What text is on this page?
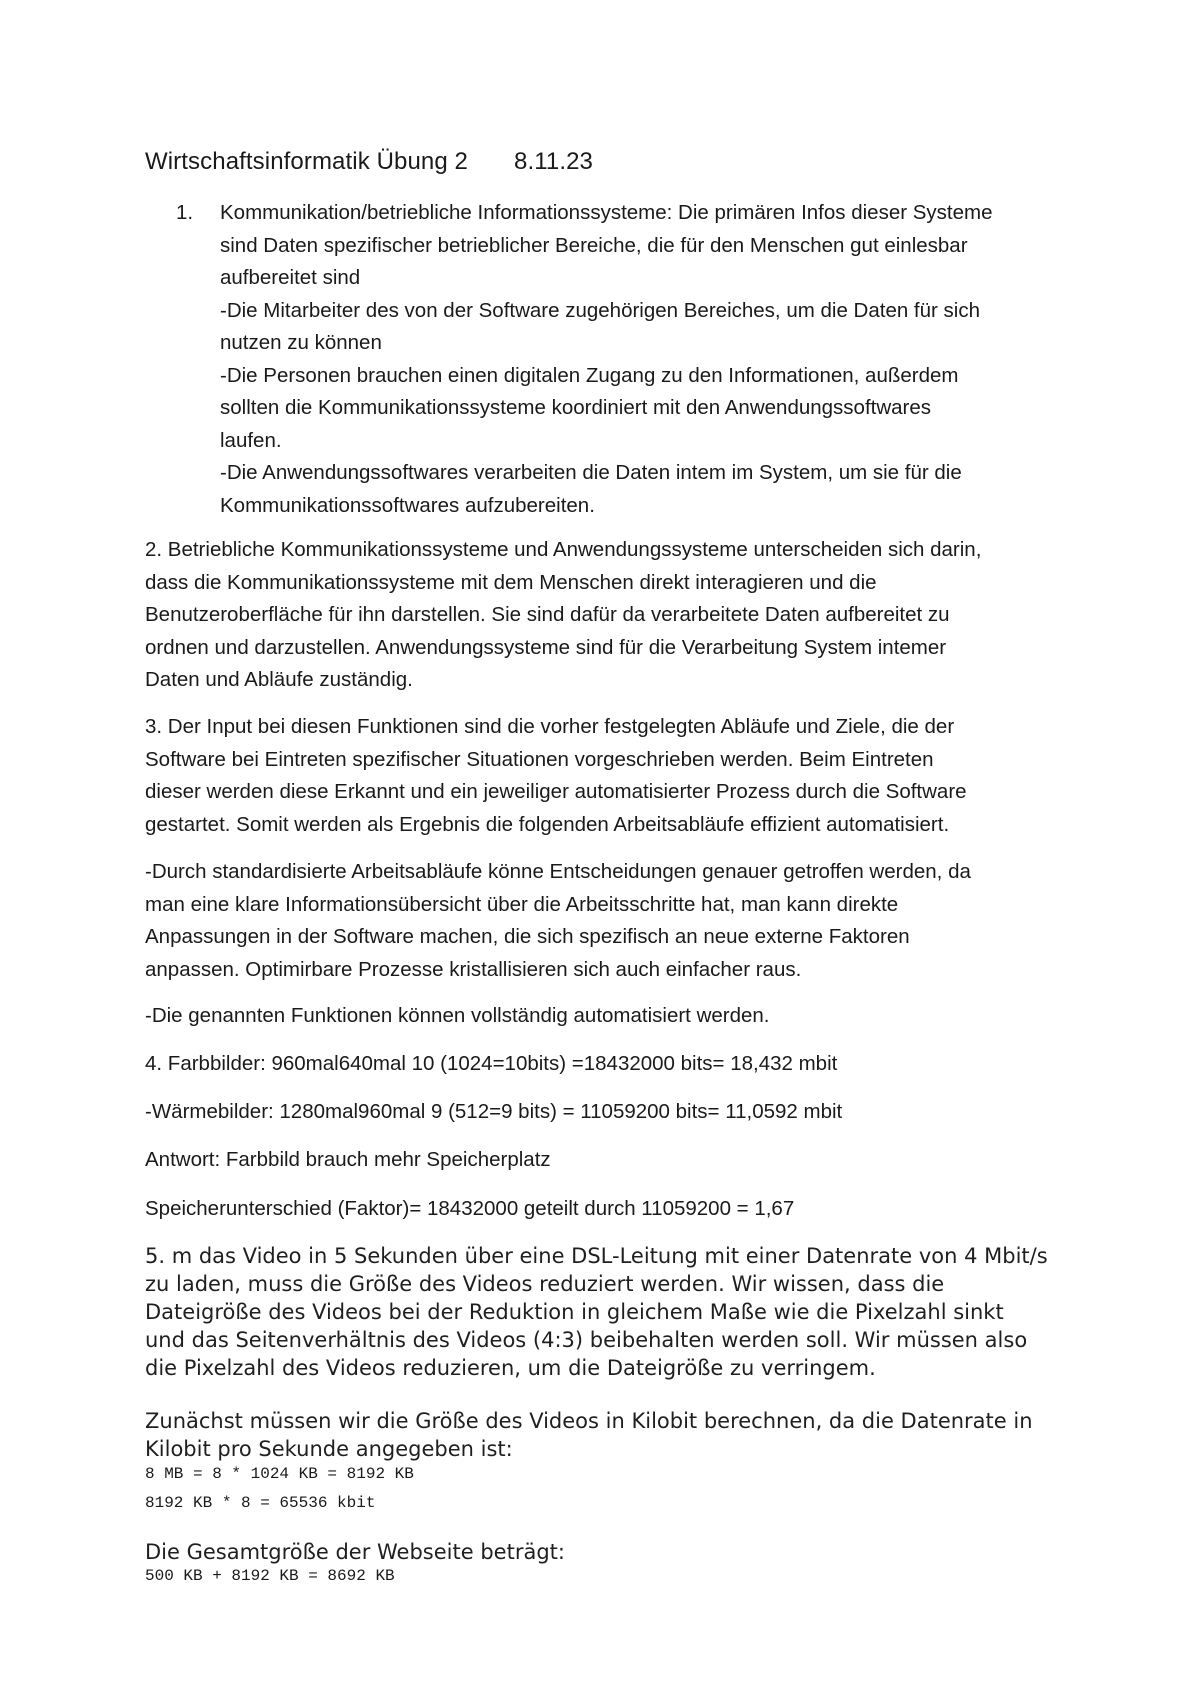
Wirtschaftsinformatik Übung 2 8.11.23
1. Kommunikation/betriebliche Informationssysteme: Die primären Infos dieser Systeme
sind Daten spezifischer betrieblicher Bereiche, die für den Menschen gut einlesbar
aufbereitet sind
-Die Mitarbeiter des von der Software zugehörigen Bereiches, um die Daten für sich
nutzen zu können
-Die Personen brauchen einen digitalen Zugang zu den Informationen, außerdem
sollten die Kommunikationssysteme koordiniert mit den Anwendungssoftwares
laufen.
-Die Anwendungssoftwares verarbeiten die Daten intem im System, um sie für die
Kommunikationssoftwares aufzubereiten.
2. Betriebliche Kommunikationssysteme und Anwendungssysteme unterscheiden sich darin,
dass die Kommunikationssysteme mit dem Menschen direkt interagieren und die
Benutzeroberfläche für ihn darstellen. Sie sind dafür da verarbeitete Daten aufbereitet zu
ordnen und darzustellen. Anwendungssysteme sind für die Verarbeitung System intemer
Daten und Abläufe zuständig.
3. Der Input bei diesen Funktionen sind die vorher festgelegten Abläufe und Ziele, die der
Software bei Eintreten spezifischer Situationen vorgeschrieben werden. Beim Eintreten
dieser werden diese Erkannt und ein jeweiliger automatisierter Prozess durch die Software
gestartet. Somit werden als Ergebnis die folgenden Arbeitsabläufe effizient automatisiert.
-Durch standardisierte Arbeitsabläufe könne Entscheidungen genauer getroffen werden, da
man eine klare Informationsübersicht über die Arbeitsschritte hat, man kann direkte
Anpassungen in der Software machen, die sich spezifisch an neue externe Faktoren
anpassen. Optimirbare Prozesse kristallisieren sich auch einfacher raus.
-Die genannten Funktionen können vollständig automatisiert werden.
4. Farbbilder: 960mal640mal 10 (1024=10bits) =18432000 bits= 18,432 mbit
-Wärmebilder: 1280mal960mal 9 (512=9 bits) = 11059200 bits= 11,0592 mbit
Antwort: Farbbild brauch mehr Speicherplatz
Speicherunterschied (Faktor)= 18432000 geteilt durch 11059200 = 1,67
5. m das Video in 5 Sekunden über eine DSL-Leitung mit einer Datenrate von 4 Mbit/s
zu laden, muss die Größe des Videos reduziert werden. Wir wissen, dass die
Dateigröße des Videos bei der Reduktion in gleichem Maße wie die Pixelzahl sinkt
und das Seitenverhältnis des Videos (4:3) beibehalten werden soll. Wir müssen also
die Pixelzahl des Videos reduzieren, um die Dateigröße zu verringem.
Zunächst müssen wir die Größe des Videos in Kilobit berechnen, da die Datenrate in
Kilobit pro Sekunde angegeben ist:
8 MB = 8 * 1024 KB = 8192 KB
8192 KB * 8 = 65536 kbit
Die Gesamtgröße der Webseite beträgt:
500 KB + 8192 KB = 8692 KB
